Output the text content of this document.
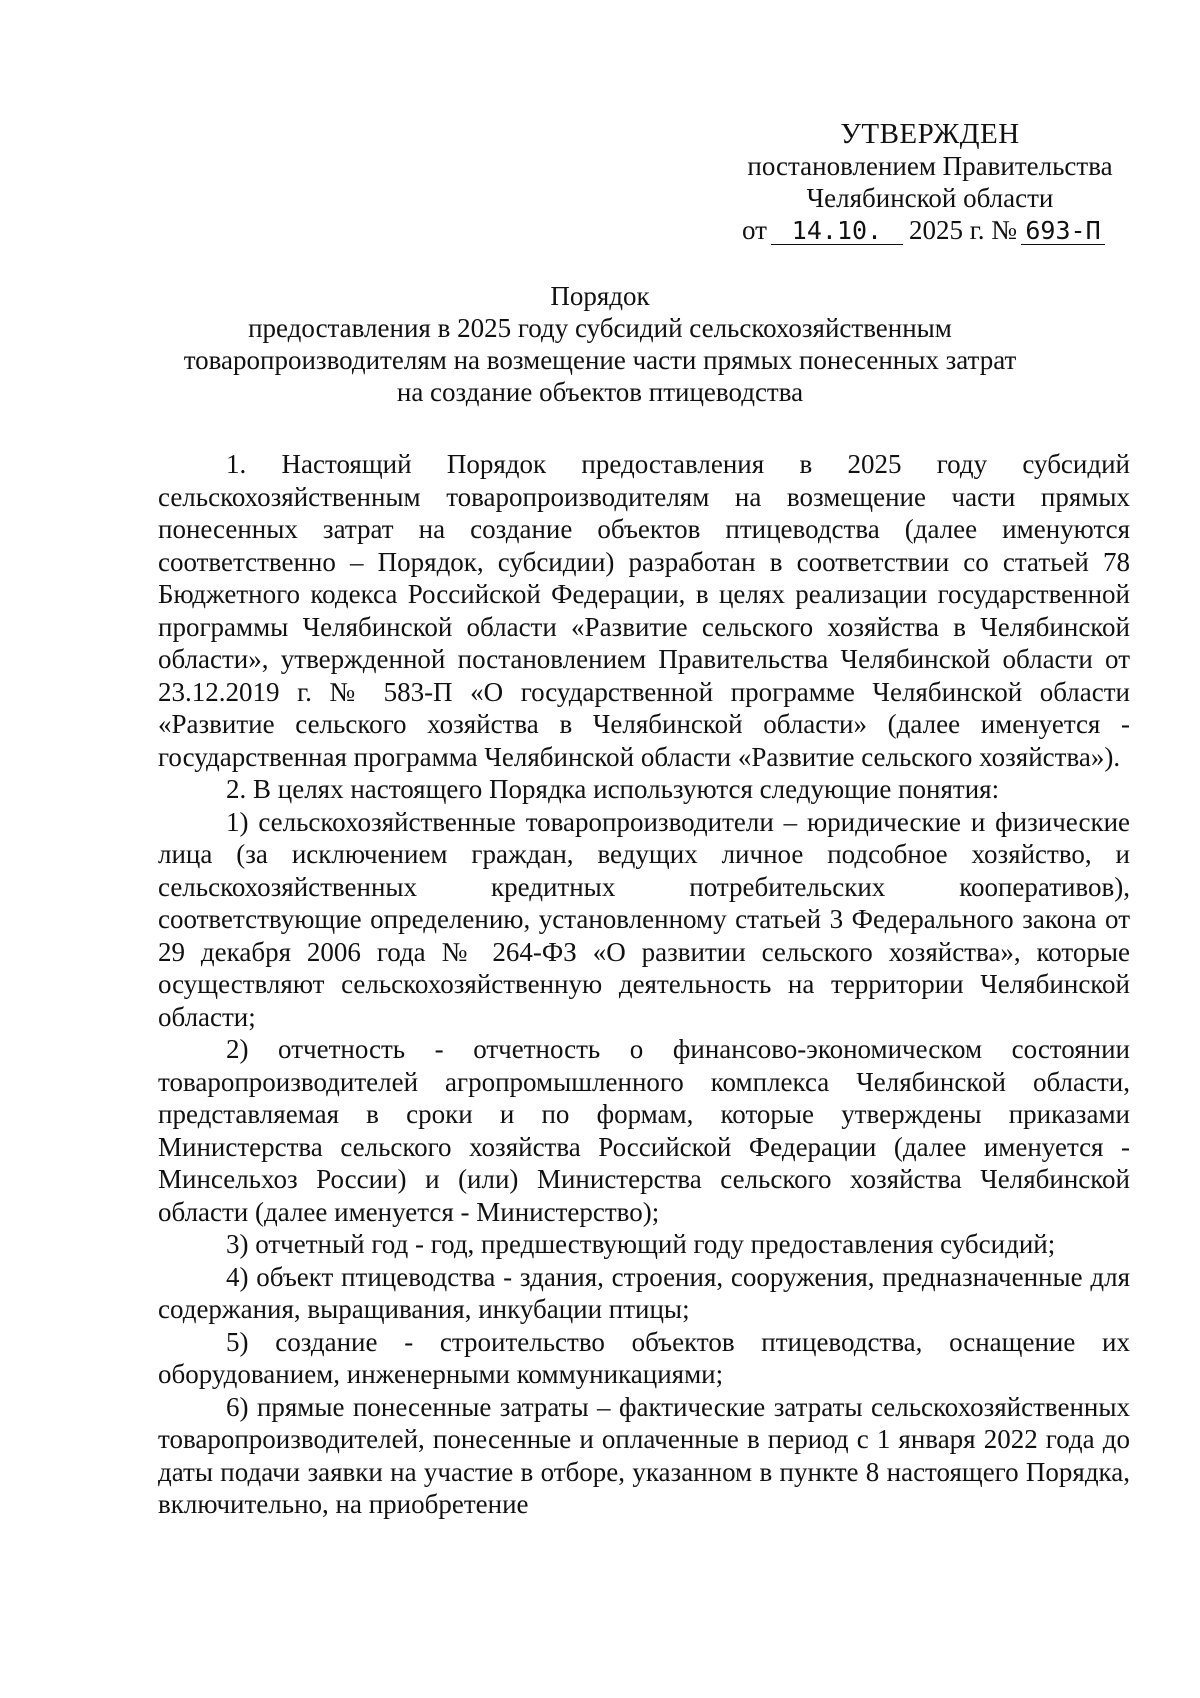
УТВЕРЖДЕН
постановлением Правительства
Челябинской области
от 14.10. 2025 г. № 693-П
Порядок
предоставления в 2025 году субсидий сельскохозяйственным
товаропроизводителям на возмещение части прямых понесенных затрат
на создание объектов птицеводства

1. Настоящий Порядок предоставления в 2025 году субсидий сельскохозяйственным товаропроизводителям на возмещение части прямых понесенных затрат на создание объектов птицеводства (далее именуются соответственно – Порядок, субсидии) разработан в соответствии со статьей 78 Бюджетного кодекса Российской Федерации, в целях реализации государственной программы Челябинской области «Развитие сельского хозяйства в Челябинской области», утвержденной постановлением Правительства Челябинской области от 23.12.2019 г. № 583-П «О государственной программе Челябинской области «Развитие сельского хозяйства в Челябинской области» (далее именуется - государственная программа Челябинской области «Развитие сельского хозяйства»).

2. В целях настоящего Порядка используются следующие понятия:

1) сельскохозяйственные товаропроизводители – юридические и физические лица (за исключением граждан, ведущих личное подсобное хозяйство, и сельскохозяйственных кредитных потребительских кооперативов), соответствующие определению, установленному статьей 3 Федерального закона от 29 декабря 2006 года № 264-ФЗ «О развитии сельского хозяйства», которые осуществляют сельскохозяйственную деятельность на территории Челябинской области;

2) отчетность - отчетность о финансово-экономическом состоянии товаропроизводителей агропромышленного комплекса Челябинской области, представляемая в сроки и по формам, которые утверждены приказами Министерства сельского хозяйства Российской Федерации (далее именуется - Минсельхоз России) и (или) Министерства сельского хозяйства Челябинской области (далее именуется - Министерство);

3) отчетный год - год, предшествующий году предоставления субсидий;

4) объект птицеводства - здания, строения, сооружения, предназначенные для содержания, выращивания, инкубации птицы;

5) создание - строительство объектов птицеводства, оснащение их оборудованием, инженерными коммуникациями;

6) прямые понесенные затраты – фактические затраты сельскохозяйственных товаропроизводителей, понесенные и оплаченные в период с 1 января 2022 года до даты подачи заявки на участие в отборе, указанном в пункте 8 настоящего Порядка, включительно, на приобретение
